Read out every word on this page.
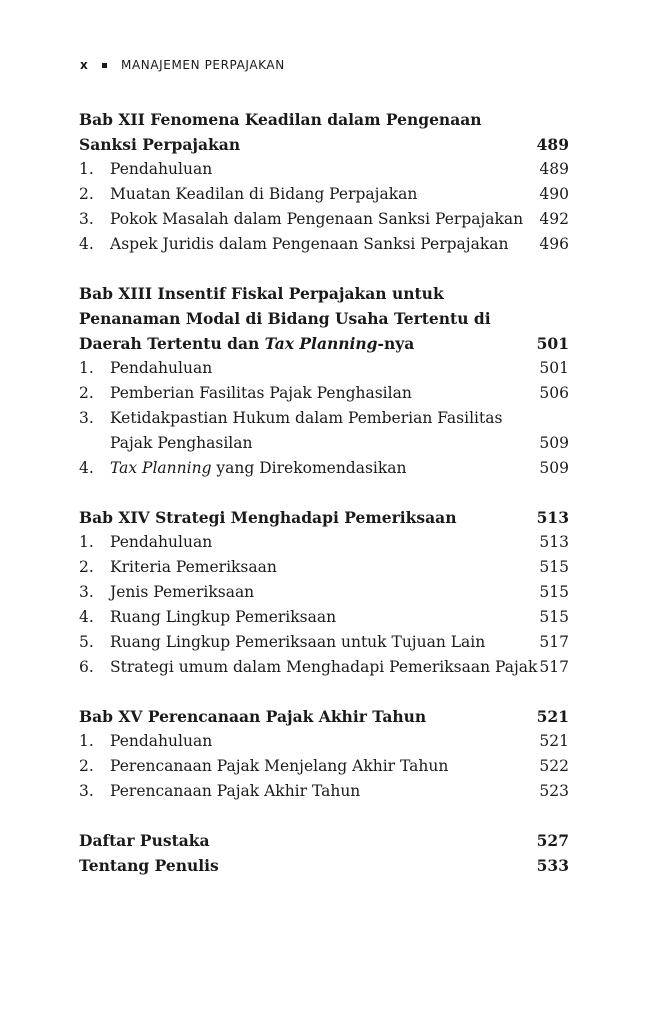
x	MANAJEMEN PERPAJAKAN
Bab XII Fenomena Keadilan dalam Pengenaan
Sanksi Perpajakan	489
1. Pendahuluan	489
2. Muatan Keadilan di Bidang Perpajakan	490
3. Pokok Masalah dalam Pengenaan Sanksi Perpajakan 492
4. Aspek Juridis dalam Pengenaan Sanksi Perpajakan 496
Bab XIII Insentif Fiskal Perpajakan untuk
Penanaman Modal di Bidang Usaha Tertentu di
Daerah Tertentu dan Tax Planning-nya	501
1. Pendahuluan	501
2. Pemberian Fasilitas Pajak Penghasilan	506
3. Ketidakpastian Hukum dalam Pemberian Fasilitas
Pajak Penghasilan	509
4. Tax Planning yang Direkomendasikan	509
Bab XIV Strategi Menghadapi Pemeriksaan	513
1. Pendahuluan	513
2. Kriteria Pemeriksaan	515
3. Jenis Pemeriksaan	515
4. Ruang Lingkup Pemeriksaan	515
5. Ruang Lingkup Pemeriksaan untuk Tujuan Lain	517
6. Strategi umum dalam Menghadapi Pemeriksaan Pajak 517
Bab XV Perencanaan Pajak Akhir Tahun	521
1. Pendahuluan	521
2. Perencanaan Pajak Menjelang Akhir Tahun	522
3. Perencanaan Pajak Akhir Tahun	523
Daftar Pustaka	527
Tentang Penulis	533
